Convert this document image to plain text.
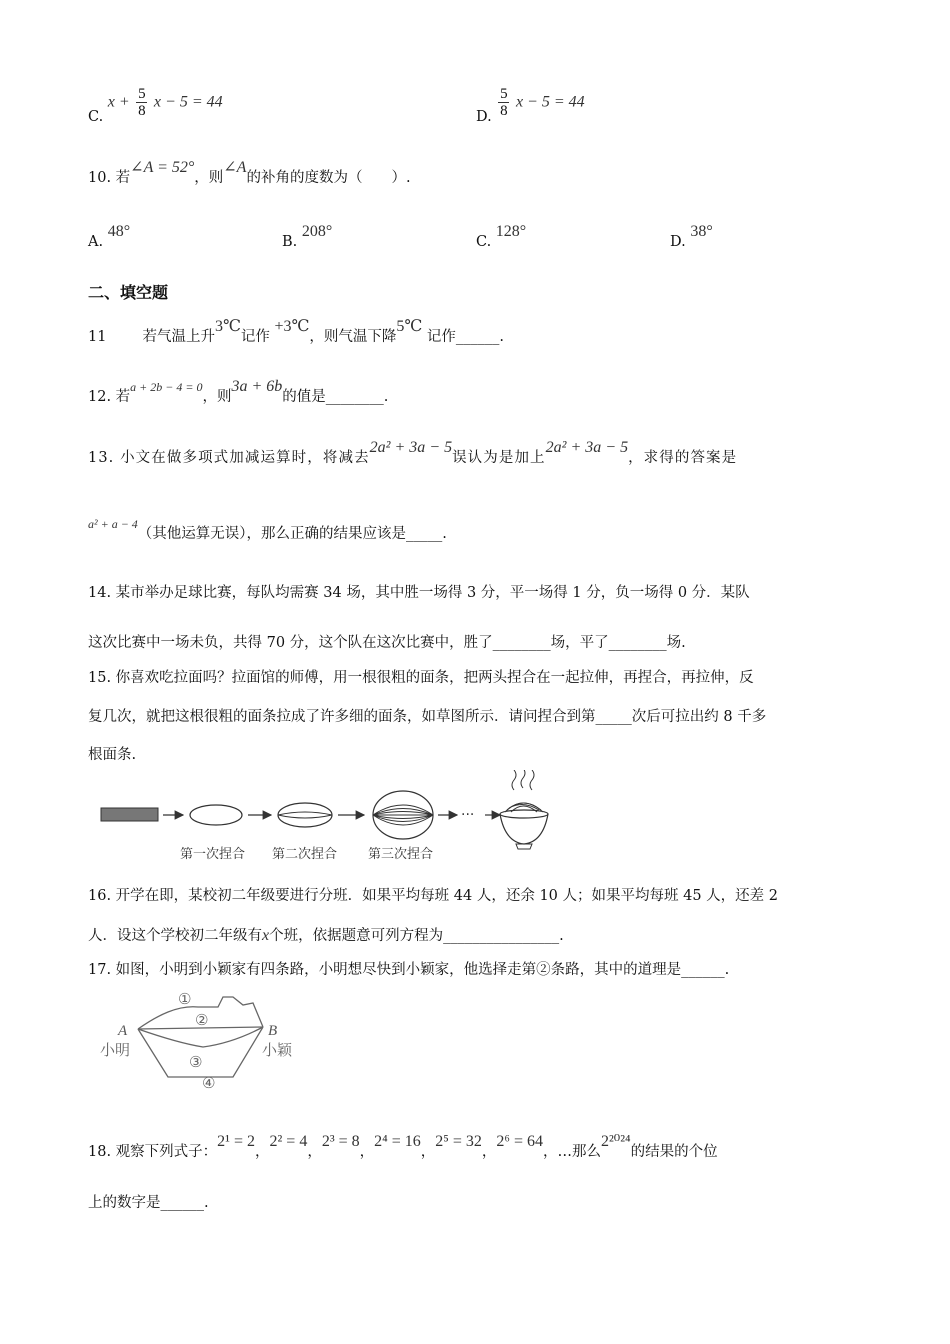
C. $x + \frac{5}{8}$ x − 5 = 44
D. $\frac{5}{8}$ x − 5 = 44
10. 若∠A = 52°，则∠A的补角的度数为（　　）.
A. 48°
B. 208°
C. 128°
D. 38°
二、填空题
11 若气温上升3℃记作 +3℃，则气温下降5℃ 记作______.
12. 若$^{a + 2b - 4 = 0}$，则3a + 6b的值是________.
13. 小文在做多项式加减运算时，将减去2a² + 3a − 5误认为是加上2a² + 3a − 5，求得的答案是
$^{a^2 + a - 4}$（其他运算无误），那么正确的结果应该是_____.
14. 某市举办足球比赛，每队均需赛 34 场，其中胜一场得 3 分，平一场得 1 分，负一场得 0 分．某队
这次比赛中一场未负，共得 70 分，这个队在这次比赛中，胜了________场，平了________场.
15. 你喜欢吃拉面吗？拉面馆的师傅，用一根很粗的面条，把两头捏合在一起拉伸，再捏合，再拉伸，反
复几次，就把这根很粗的面条拉成了许多细的面条，如草图所示．请问捏合到第_____次后可拉出约 8 千多
根面条.
···
第一次捏合 第二次捏合 第三次捏合
16. 开学在即，某校初二年级要进行分班．如果平均每班 44 人，还余 10 人；如果平均每班 45 人，还差 2
人．设这个学校初二年级有x个班，依据题意可列方程为________________.
17. 如图，小明到小颖家有四条路，小明想尽快到小颖家，他选择走第②条路，其中的道理是______.
①
②
③
④
A	B
小明	小颖
18. 观察下列式子：2¹ = 2，2² = 4，2³ = 8，2⁴ = 16，2⁵ = 32，2⁶ = 64，…那么2²⁰²⁴的结果的个位
上的数字是______.
